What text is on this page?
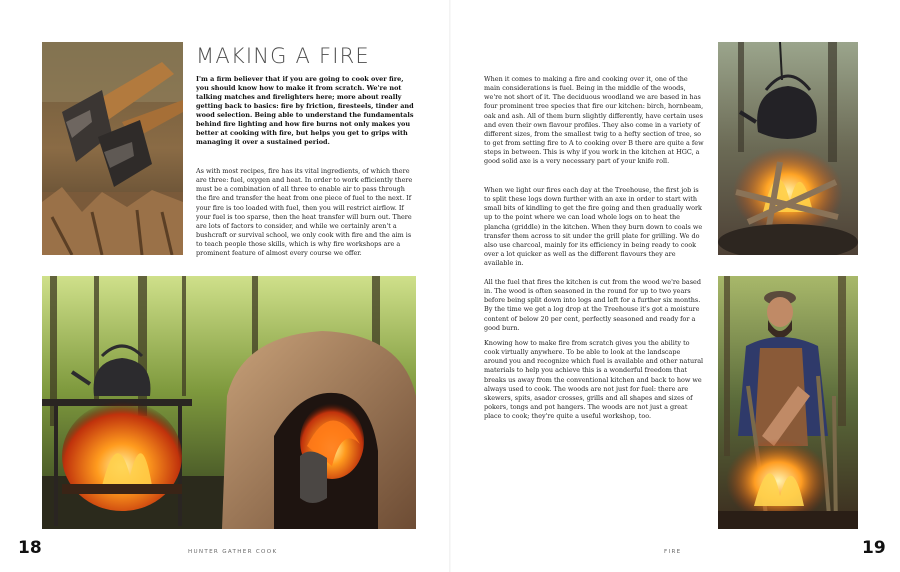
MAKING A FIRE

I'm a firm believer that if you are going to cook over fire, you should know how to make it from scratch. We're not talking matches and firelighters here; more about really getting back to basics: fire by friction, firesteels, tinder and wood selection. Being able to understand the fundamentals behind fire lighting and how fire burns not only makes you better at cooking with fire, but helps you get to grips with managing it over a sustained period.

As with most recipes, fire has its vital ingredients, of which there are three: fuel, oxygen and heat. In order to work efficiently there must be a combination of all three to enable air to pass through the fire and transfer the heat from one piece of fuel to the next. If your fire is too loaded with fuel, then you will restrict airflow. If your fuel is too sparse, then the heat transfer will burn out. There are lots of factors to consider, and while we certainly aren't a bushcraft or survival school, we only cook with fire and the aim is to teach people those skills, which is why fire workshops are a prominent feature of almost every course we offer.

When it comes to making a fire and cooking over it, one of the main considerations is fuel. Being in the middle of the woods, we're not short of it. The deciduous woodland we are based in has four prominent tree species that fire our kitchen: birch, hornbeam, oak and ash. All of them burn slightly differently, have certain uses and even their own flavour profiles. They also come in a variety of different sizes, from the smallest twig to a hefty section of tree, so to get from setting fire to A to cooking over B there are quite a few steps in between. This is why if you work in the kitchen at HGC, a good solid axe is a very necessary part of your knife roll.

When we light our fires each day at the Treehouse, the first job is to split these logs down further with an axe in order to start with small bits of kindling to get the fire going and then gradually work up to the point where we can load whole logs on to heat the plancha (griddle) in the kitchen. When they burn down to coals we transfer them across to sit under the grill plate for grilling. We do also use charcoal, mainly for its efficiency in being ready to cook over a lot quicker as well as the different flavours they are available in.

All the fuel that fires the kitchen is cut from the wood we're based in. The wood is often seasoned in the round for up to two years before being split down into logs and left for a further six months. By the time we get a log drop at the Treehouse it's got a moisture content of below 20 per cent, perfectly seasoned and ready for a good burn.

Knowing how to make fire from scratch gives you the ability to cook virtually anywhere. To be able to look at the landscape around you and recognize which fuel is available and other natural materials to help you achieve this is a wonderful freedom that breaks us away from the conventional kitchen and back to how we always used to cook. The woods are not just for fuel: there are skewers, spits, asador crosses, grills and all shapes and sizes of pokers, tongs and pot hangers. The woods are not just a great place to cook; they're quite a useful workshop, too.

18	HUNTER GATHER COOK	FIRE	19
